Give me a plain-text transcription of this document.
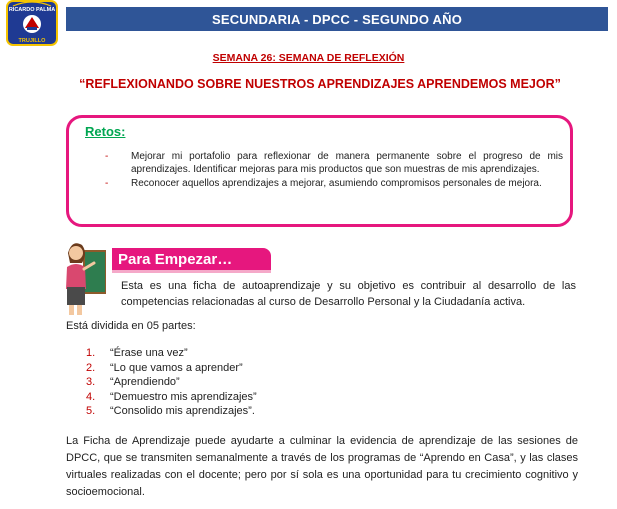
RICARDO PALMA
TRUJILLO
SECUNDARIA - DPCC - SEGUNDO AÑO
SEMANA 26: SEMANA DE REFLEXIÓN
“REFLEXIONANDO SOBRE NUESTROS APRENDIZAJES APRENDEMOS MEJOR”
Retos:
- Mejorar mi portafolio para reflexionar de manera permanente sobre el progreso de mis aprendizajes. Identificar mejoras para mis productos que son muestras de mis aprendizajes.
- Reconocer aquellos aprendizajes a mejorar, asumiendo compromisos personales de mejora.
Para Empezar…
Esta es una ficha de autoaprendizaje y su objetivo es contribuir al desarrollo de las competencias relacionadas al curso de Desarrollo Personal y la Ciudadanía activa.
Está dividida en 05 partes:
1. “Érase una vez”
2. “Lo que vamos a aprender”
3. “Aprendiendo”
4. “Demuestro mis aprendizajes”
5. “Consolido mis aprendizajes”.
La Ficha de Aprendizaje puede ayudarte a culminar la evidencia de aprendizaje de las sesiones de DPCC, que se transmiten semanalmente a través de los programas de “Aprendo en Casa”, y las clases virtuales realizadas con el docente; pero por sí sola es una oportunidad para tu crecimiento cognitivo y socioemocional.
